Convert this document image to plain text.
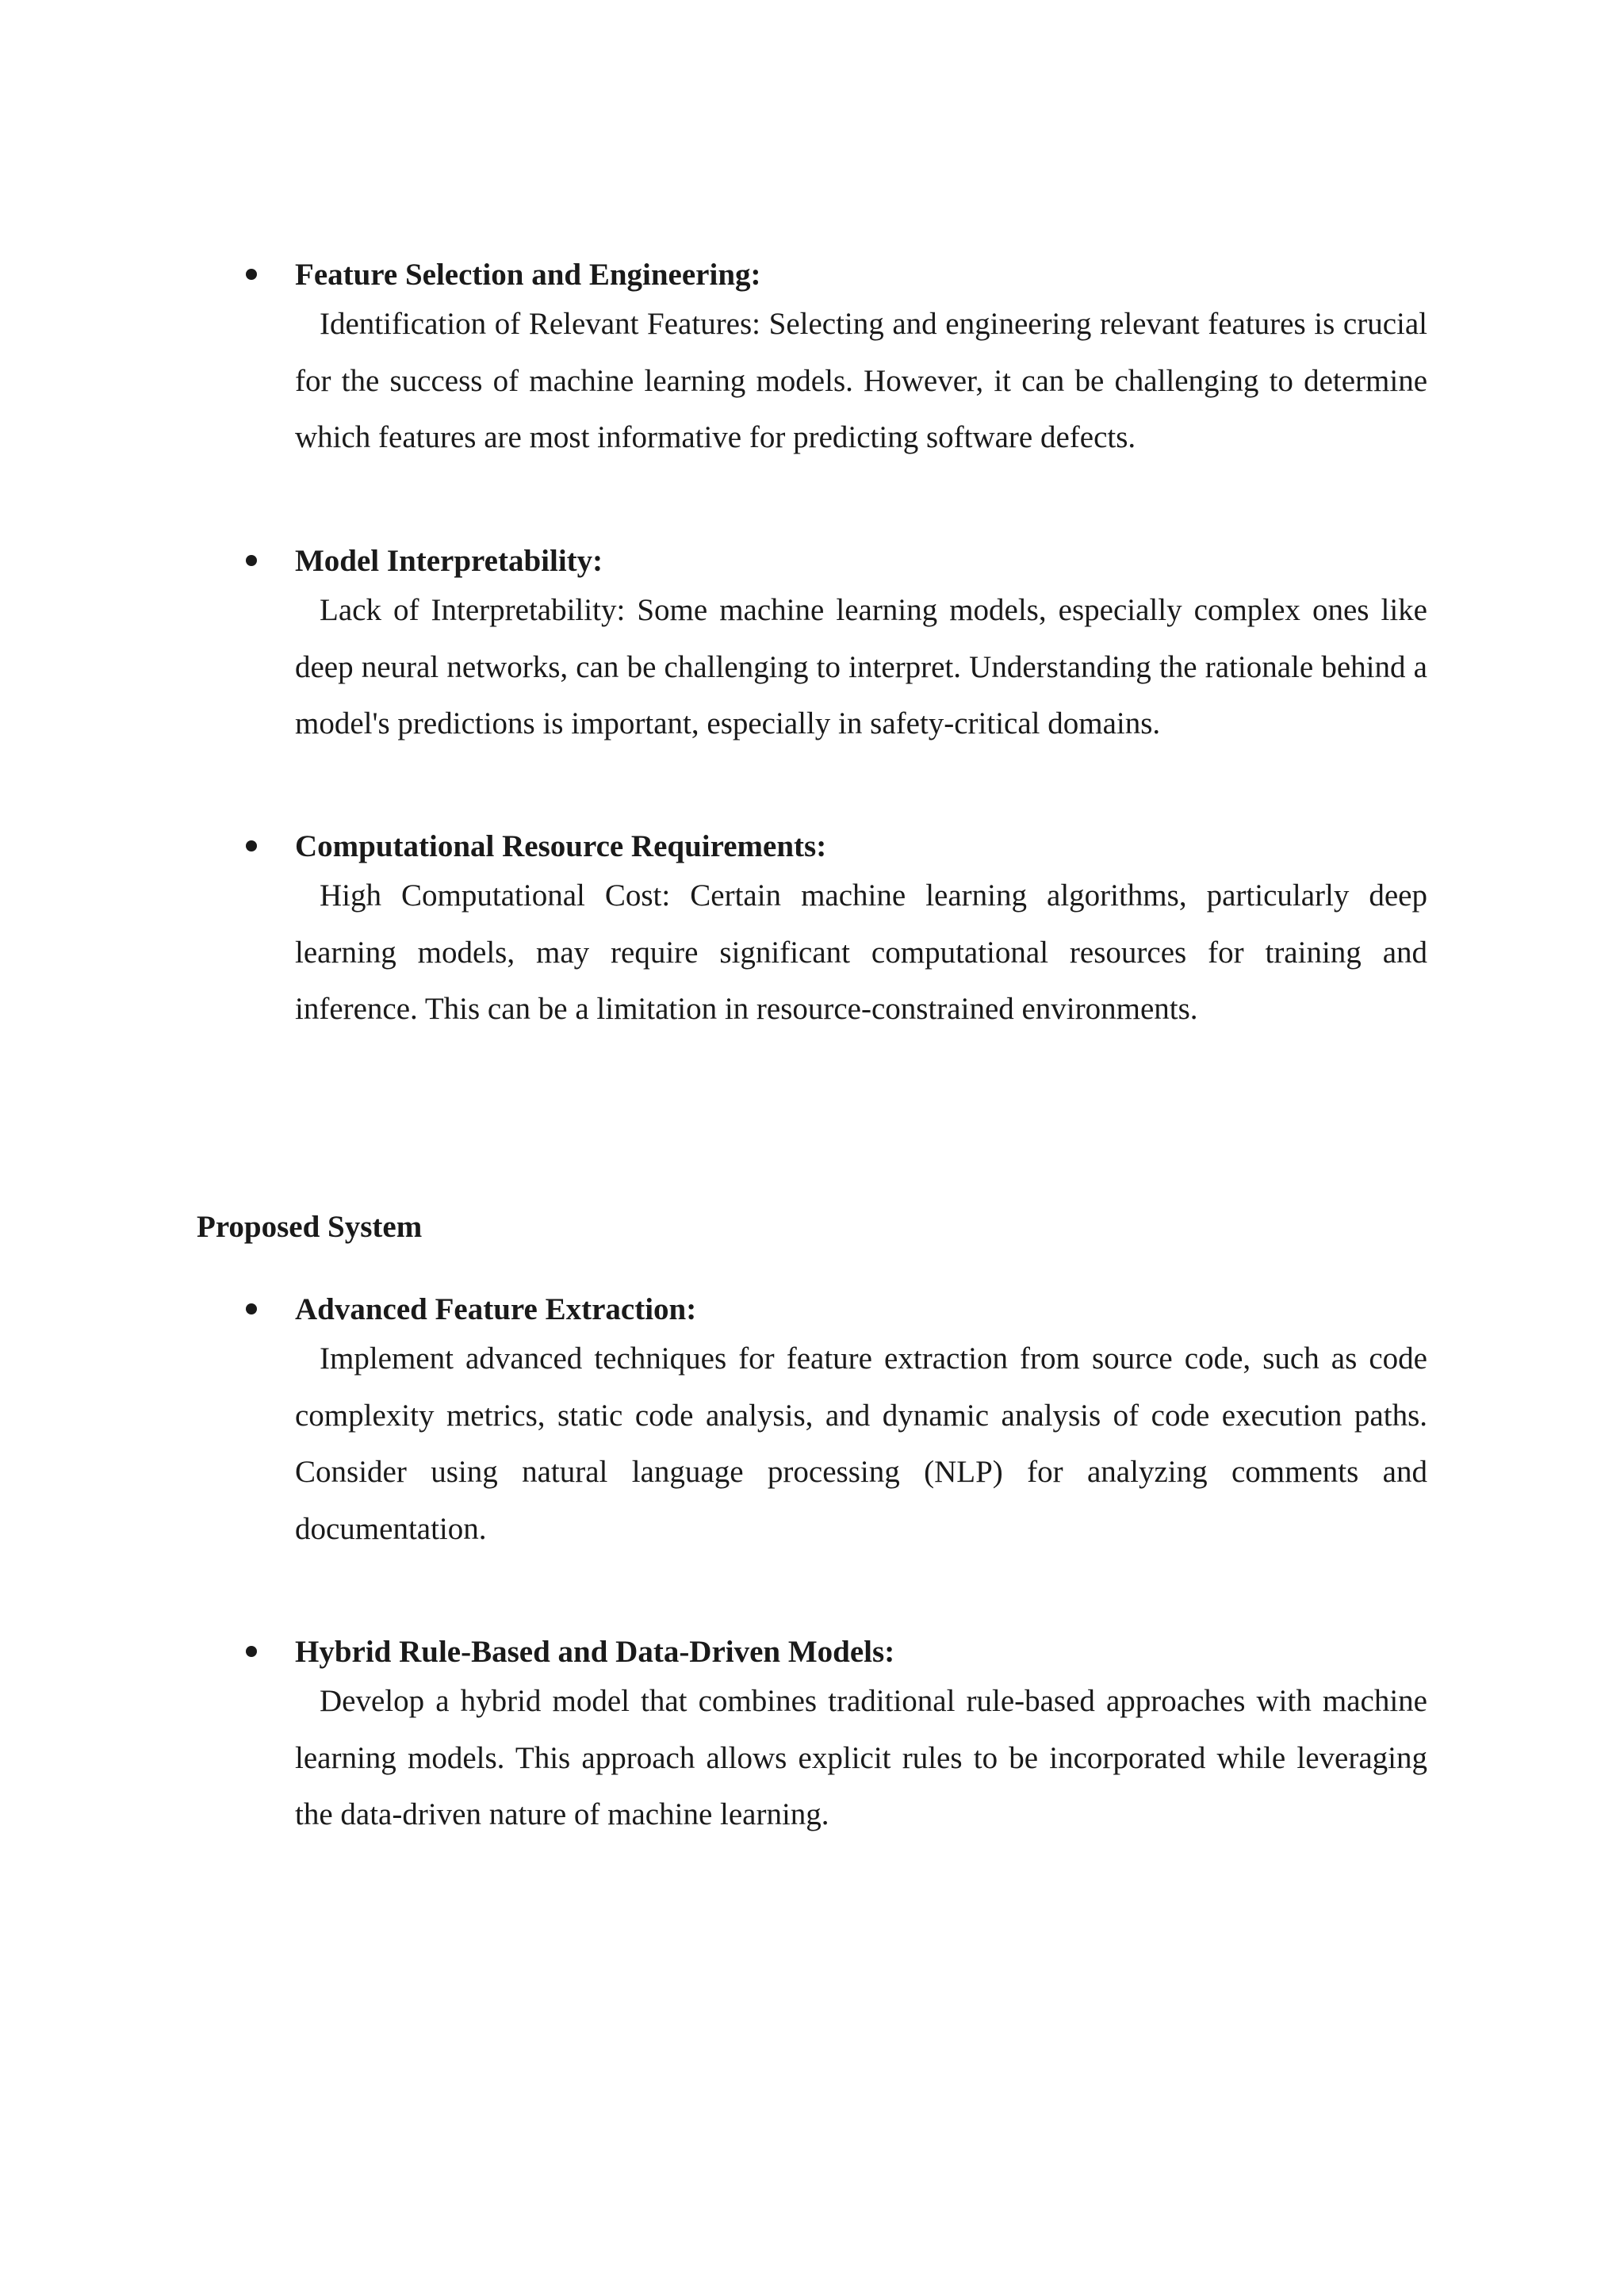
Feature Selection and Engineering:

Identification of Relevant Features: Selecting and engineering relevant features is crucial for the success of machine learning models. However, it can be challenging to determine which features are most informative for predicting software defects.

Model Interpretability:

Lack of Interpretability: Some machine learning models, especially complex ones like deep neural networks, can be challenging to interpret. Understanding the rationale behind a model's predictions is important, especially in safety-critical domains.

Computational Resource Requirements:

High Computational Cost: Certain machine learning algorithms, particularly deep learning models, may require significant computational resources for training and inference. This can be a limitation in resource-constrained environments.

Proposed System

Advanced Feature Extraction:

Implement advanced techniques for feature extraction from source code, such as code complexity metrics, static code analysis, and dynamic analysis of code execution paths. Consider using natural language processing (NLP) for analyzing comments and documentation.

Hybrid Rule-Based and Data-Driven Models:

Develop a hybrid model that combines traditional rule-based approaches with machine learning models. This approach allows explicit rules to be incorporated while leveraging the data-driven nature of machine learning.
